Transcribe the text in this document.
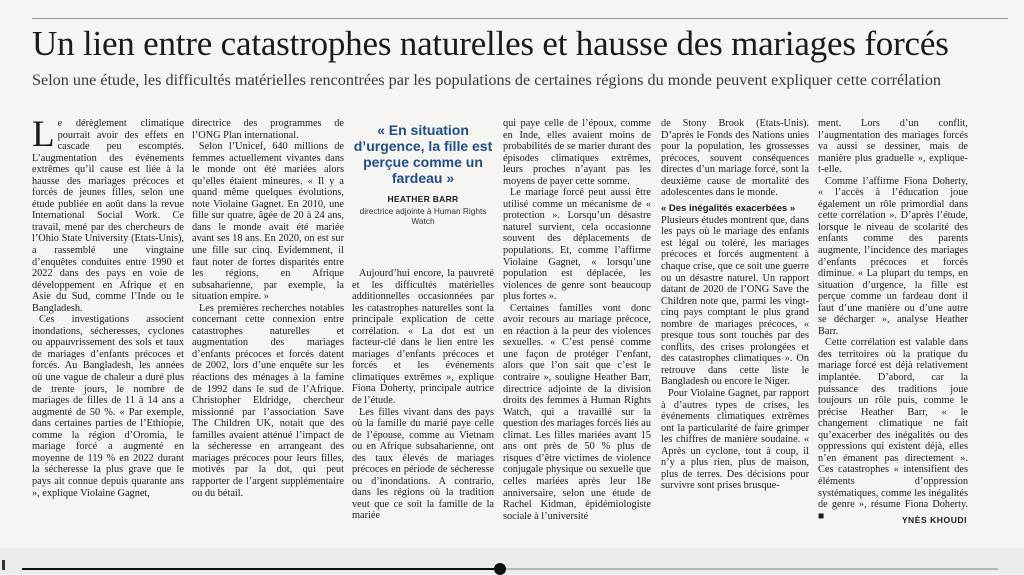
Un lien entre catastrophes naturelles et hausse des mariages forcés
Selon une étude, les difficultés matérielles rencontrées par les populations de certaines régions du monde peuvent expliquer cette corrélation
L e dérèglement climatique pourrait avoir des effets en cascade peu escomptés. L’augmentation des événements extrêmes qu’il cause est liée à la hausse des mariages précoces et forcés de jeunes filles, selon une étude publiée en août dans la revue International Social Work. Ce travail, mené par des chercheurs de l’Ohio State University (Etats-Unis), a rassemblé une vingtaine d’enquêtes conduites entre 1990 et 2022 dans des pays en voie de développement en Afrique et en Asie du Sud, comme l’Inde ou le Bangladesh.

Ces investigations associent inondations, sécheresses, cyclones ou appauvrissement des sols et taux de mariages d’enfants précoces et forcés. Au Bangladesh, les années où une vague de chaleur a duré plus de trente jours, le nombre de mariages de filles de 11 à 14 ans a augmenté de 50 %. « Par exemple, dans certaines parties de l’Ethiopie, comme la région d’Oromia, le mariage forcé a augmenté en moyenne de 119 % en 2022 durant la sécheresse la plus grave que le pays ait connue depuis quarante ans », explique Violaine Gagnet,

directrice des programmes de l’ONG Plan international.

Selon l’Unicef, 640 millions de femmes actuellement vivantes dans le monde ont été mariées alors qu’elles étaient mineures. « Il y a quand même quelques évolutions, note Violaine Gagnet. En 2010, une fille sur quatre, âgée de 20 à 24 ans, dans le monde avait été mariée avant ses 18 ans. En 2020, on est sur une fille sur cinq. Evidemment, il faut noter de fortes disparités entre les régions, en Afrique subsaharienne, par exemple, la situation empire. »

Les premières recherches notables concernant cette connexion entre catastrophes naturelles et augmentation des mariages d’enfants précoces et forcés datent de 2002, lors d’une enquête sur les réactions des ménages à la famine de 1992 dans le sud de l’Afrique. Christopher Eldridge, chercheur missionné par l’association Save The Children UK, notait que des familles avaient atténué l’impact de la sécheresse en arrangeant des mariages précoces pour leurs filles, motivés par la dot, qui peut rapporter de l’argent supplémentaire ou du bétail.

« En situation d’urgence, la fille est perçue comme un fardeau »
HEATHER BARR
directrice adjointe à Human Rights Watch

Aujourd’hui encore, la pauvreté et les difficultés matérielles additionnelles occasionnées par les catastrophes naturelles sont la principale explication de cette corrélation. « La dot est un facteur-clé dans le lien entre les mariages d’enfants précoces et forcés et les événements climatiques extrêmes », explique Fiona Doherty, principale autrice de l’étude.

Les filles vivant dans des pays où la famille du marié paye celle de l’épouse, comme au Vietnam ou en Afrique subsaharienne, ont des taux élevés de mariages précoces en période de sécheresse ou d’inondations. A contrario, dans les régions où la tradition veut que ce soit la famille de la mariée

qui paye celle de l’époux, comme en Inde, elles avaient moins de probabilités de se marier durant des épisodes climatiques extrêmes, leurs proches n’ayant pas les moyens de payer cette somme.

Le mariage forcé peut aussi être utilisé comme un mécanisme de « protection ». Lorsqu’un désastre naturel survient, cela occasionne souvent des déplacements de populations. Et, comme l’affirme Violaine Gagnet, « lorsqu’une population est déplacée, les violences de genre sont beaucoup plus fortes ».

Certaines familles vont donc avoir recours au mariage précoce, en réaction à la peur des violences sexuelles. « C’est pensé comme une façon de protéger l’enfant, alors que l’on sait que c’est le contraire », souligne Heather Barr, directrice adjointe de la division droits des femmes à Human Rights Watch, qui a travaillé sur la question des mariages forcés liés au climat. Les filles mariées avant 15 ans ont près de 50 % plus de risques d’être victimes de violence conjugale physique ou sexuelle que celles mariées après leur 18e anniversaire, selon une étude de Rachel Kidman, épidémiologiste sociale à l’université

de Stony Brook (Etats-Unis). D’après le Fonds des Nations unies pour la population, les grossesses précoces, souvent conséquences directes d’un mariage forcé, sont la deuxième cause de mortalité des adolescentes dans le monde.

« Des inégalités exacerbées »

Plusieurs études montrent que, dans les pays où le mariage des enfants est légal ou toléré, les mariages précoces et forcés augmentent à chaque crise, que ce soit une guerre ou un désastre naturel. Un rapport datant de 2020 de l’ONG Save the Children note que, parmi les vingt-cinq pays comptant le plus grand nombre de mariages précoces, « presque tous sont touchés par des conflits, des crises prolongées et des catastrophes climatiques ». On retrouve dans cette liste le Bangladesh ou encore le Niger.

Pour Violaine Gagnet, par rapport à d’autres types de crises, les événements climatiques extrêmes ont la particularité de faire grimper les chiffres de manière soudaine. « Après un cyclone, tout à coup, il n’y a plus rien, plus de maison, plus de terres. Des décisions pour survivre sont prises brusque-

ment. Lors d’un conflit, l’augmentation des mariages forcés va aussi se dessiner, mais de manière plus graduelle », explique-t-elle.

Comme l’affirme Fiona Doherty, « l’accès à l’éducation joue également un rôle primordial dans cette corrélation ». D’après l’étude, lorsque le niveau de scolarité des enfants comme des parents augmente, l’incidence des mariages d’enfants précoces et forcés diminue. « La plupart du temps, en situation d’urgence, la fille est perçue comme un fardeau dont il faut d’une manière ou d’une autre se décharger », analyse Heather Barr.

Cette corrélation est valable dans des territoires où la pratique du mariage forcé est déjà relativement implantée. D’abord, car la puissance des traditions joue toujours un rôle puis, comme le précise Heather Barr, « le changement climatique ne fait qu’exacerber des inégalités ou des oppressions qui existent déjà, elles n’en émanent pas directement ». Ces catastrophes « intensifient des éléments d’oppression systématiques, comme les inégalités de genre », résume Fiona Doherty. ■	YNÈS KHOUDI
